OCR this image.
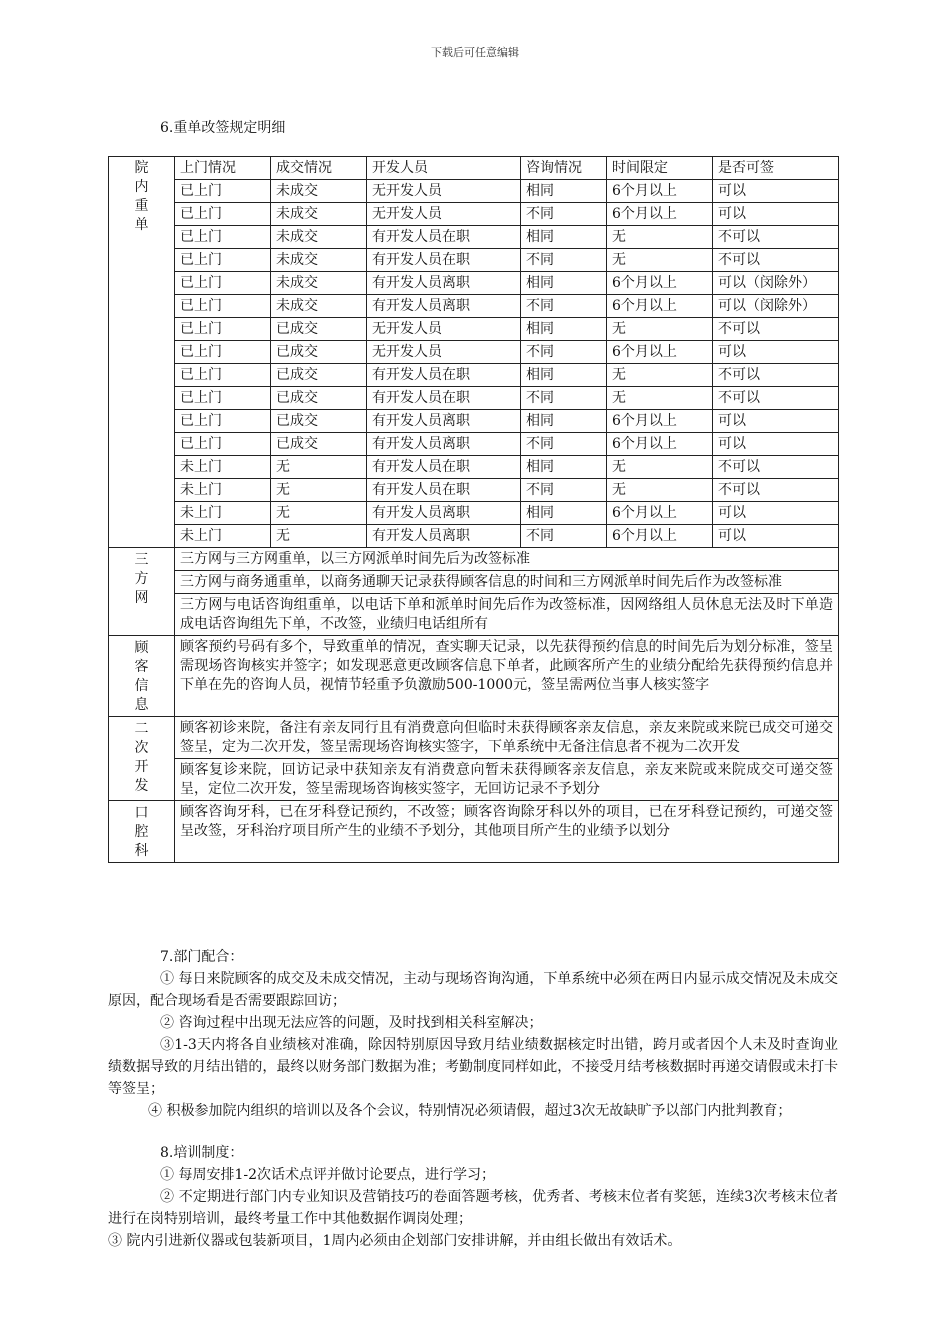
下载后可任意编辑
6.重单改签规定明细
院内重单	上门情况	成交情况	开发人员	咨询情况	时间限定	是否可签
	已上门	未成交	无开发人员	相同	6个月以上	可以
	已上门	未成交	无开发人员	不同	6个月以上	可以
	已上门	未成交	有开发人员在职	相同	无	不可以
	已上门	未成交	有开发人员在职	不同	无	不可以
	已上门	未成交	有开发人员离职	相同	6个月以上	可以（闵除外）
	已上门	未成交	有开发人员离职	不同	6个月以上	可以（闵除外）
	已上门	已成交	无开发人员	相同	无	不可以
	已上门	已成交	无开发人员	不同	6个月以上	可以
	已上门	已成交	有开发人员在职	相同	无	不可以
	已上门	已成交	有开发人员在职	不同	无	不可以
	已上门	已成交	有开发人员离职	相同	6个月以上	可以
	已上门	已成交	有开发人员离职	不同	6个月以上	可以
	未上门	无	有开发人员在职	相同	无	不可以
	未上门	无	有开发人员在职	不同	无	不可以
	未上门	无	有开发人员离职	相同	6个月以上	可以
	未上门	无	有开发人员离职	不同	6个月以上	可以

三方网	三方网与三方网重单，以三方网派单时间先后为改签标准					
	三方网与商务通重单，以商务通聊天记录获得顾客信息的时间和三方网派单时间先后作为改签标准					
	三方网与电话咨询组重单，以电话下单和派单时间先后作为改签标准，因网络组人员休息无法及时下单造成电话咨询组先下单，不改签，业绩归电话组所有					

顾客信息	顾客预约号码有多个，导致重单的情况，查实聊天记录，以先获得预约信息的时间先后为划分标准，签呈需现场咨询核实并签字；如发现恶意更改顾客信息下单者，此顾客所产生的业绩分配给先获得预约信息并下单在先的咨询人员，视情节轻重予负激励500-1000元，签呈需两位当事人核实签字					

二次开发	顾客初诊来院，备注有亲友同行且有消费意向但临时未获得顾客亲友信息，亲友来院或来院已成交可递交签呈，定为二次开发，签呈需现场咨询核实签字，下单系统中无备注信息者不视为二次开发					
	顾客复诊来院，回访记录中获知亲友有消费意向暂未获得顾客亲友信息，亲友来院或来院成交可递交签呈，定位二次开发，签呈需现场咨询核实签字，无回访记录不予划分					

口腔科	顾客咨询牙科，已在牙科登记预约，不改签；顾客咨询除牙科以外的项目，已在牙科登记预约，可递交签呈改签，牙科治疗项目所产生的业绩不予划分，其他项目所产生的业绩予以划分					

7.部门配合：

① 每日来院顾客的成交及未成交情况，主动与现场咨询沟通，下单系统中必须在两日内显示成交情况及未成交原因，配合现场看是否需要跟踪回访；

② 咨询过程中出现无法应答的问题，及时找到相关科室解决；

③1-3天内将各自业绩核对准确，除因特别原因导致月结业绩数据核定时出错，跨月或者因个人未及时查询业绩数据导致的月结出错的，最终以财务部门数据为准；考勤制度同样如此，不接受月结考核数据时再递交请假或未打卡等签呈；

④ 积极参加院内组织的培训以及各个会议，特别情况必须请假，超过3次无故缺旷予以部门内批判教育；

8.培训制度：

① 每周安排1-2次话术点评并做讨论要点，进行学习；

② 不定期进行部门内专业知识及营销技巧的卷面答题考核，优秀者、考核末位者有奖惩，连续3次考核末位者进行在岗特别培训，最终考量工作中其他数据作调岗处理；

③ 院内引进新仪器或包装新项目，1周内必须由企划部门安排讲解，并由组长做出有效话术。
